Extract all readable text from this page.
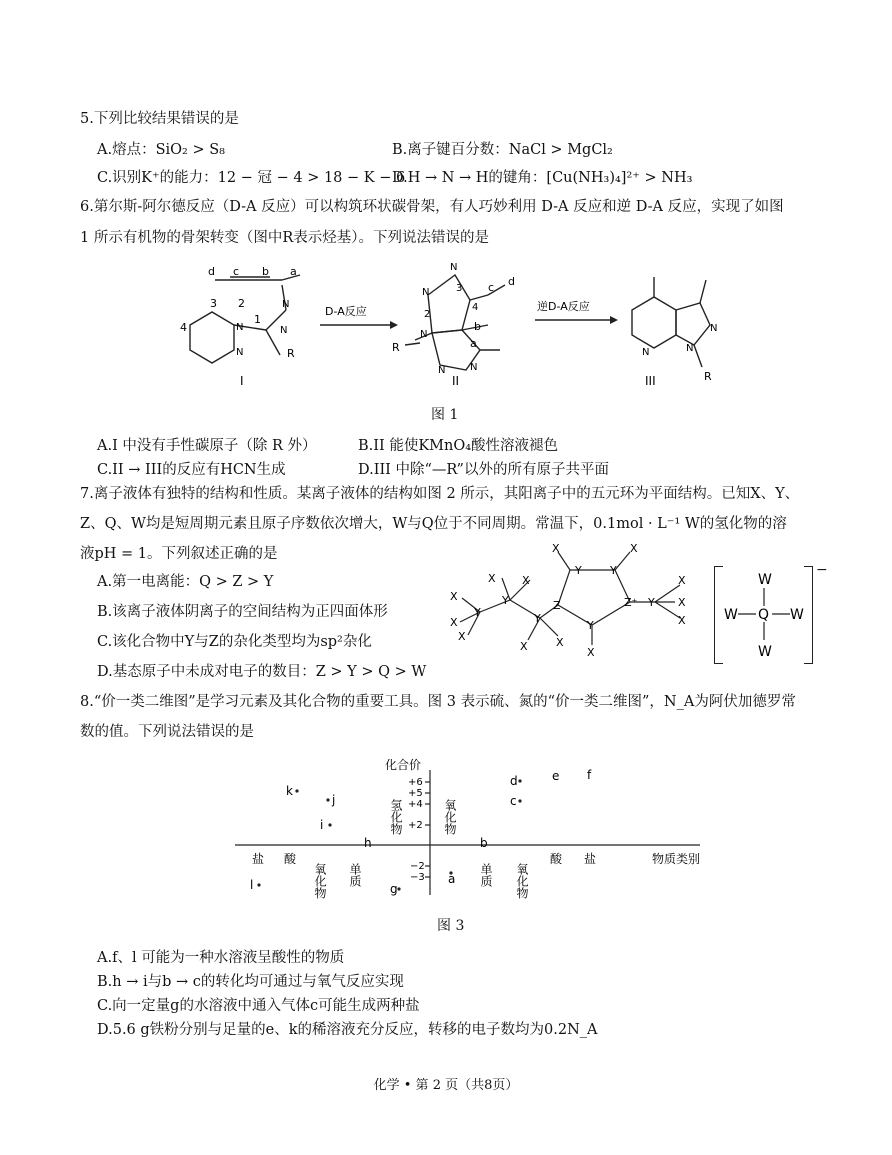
5.下列比较结果错误的是
A.熔点：SiO₂ > S₈	B.离子键百分数：NaCl > MgCl₂
C.识别K⁺的能力：12 − 冠 − 4 > 18 − K − 6
D.H → N → H的键角：[Cu(NH₃)₄]²⁺ > NH₃
6.第尔斯-阿尔德反应（D-A 反应）可以构筑环状碳骨架，有人巧妙利用 D-A 反应和逆 D-A 反应，实现了如图
1 所示有机物的骨架转变（图中R表示烃基）。下列说法错误的是
d c b a
3 2
4
1
N
N
N
N
R
I
D-A反应
N
N
N
N N
c d
b
a
2
3
4
R
II
逆D-A反应
N
N
N
R
III
图 1
A.I 中没有手性碳原子（除 R 外）	B.II 能使KMnO₄酸性溶液褪色
C.II → III的反应有HCN生成	D.III 中除“—R”以外的所有原子共平面
7.离子液体有独特的结构和性质。某离子液体的结构如图 2 所示，其阳离子中的五元环为平面结构。已知X、Y、
Z、Q、W均是短周期元素且原子序数依次增大，W与Q位于不同周期。常温下，0.1mol · L⁻¹ W的氢化物的溶
液pH = 1。下列叙述正确的是
A.第一电离能：Q > Z > Y
B.该离子液体阴离子的空间结构为正四面体形
C.该化合物中Y与Z的杂化类型均为sp²杂化
D.基态原子中未成对电子的数目：Z > Y > Q > W
X	X
Y	Y
X X
Y
Y
X
X
X
Y
X	X
Z	Z⁺
Y
X
Y
X
X
X
W
Q
W	W
W
−
8.“价一类二维图”是学习元素及其化合物的重要工具。图 3 表示硫、氮的“价一类二维图”，N_A为阿伏加德罗常
数的值。下列说法错误的是
化合价
+6
+5
+4
+2
−2
−3
物质类别
盐 酸
氧化物 单质
氢化物	氧化物
单质 氧化物
酸 盐
k
j
i
h
l	g
a
b
c
d	e f
图 3
A.f、l 可能为一种水溶液呈酸性的物质
B.h → i与b → c的转化均可通过与氧气反应实现
C.向一定量g的水溶液中通入气体c可能生成两种盐
D.5.6 g铁粉分别与足量的e、k的稀溶液充分反应，转移的电子数均为0.2N_A
化学 • 第 2 页（共8页）
